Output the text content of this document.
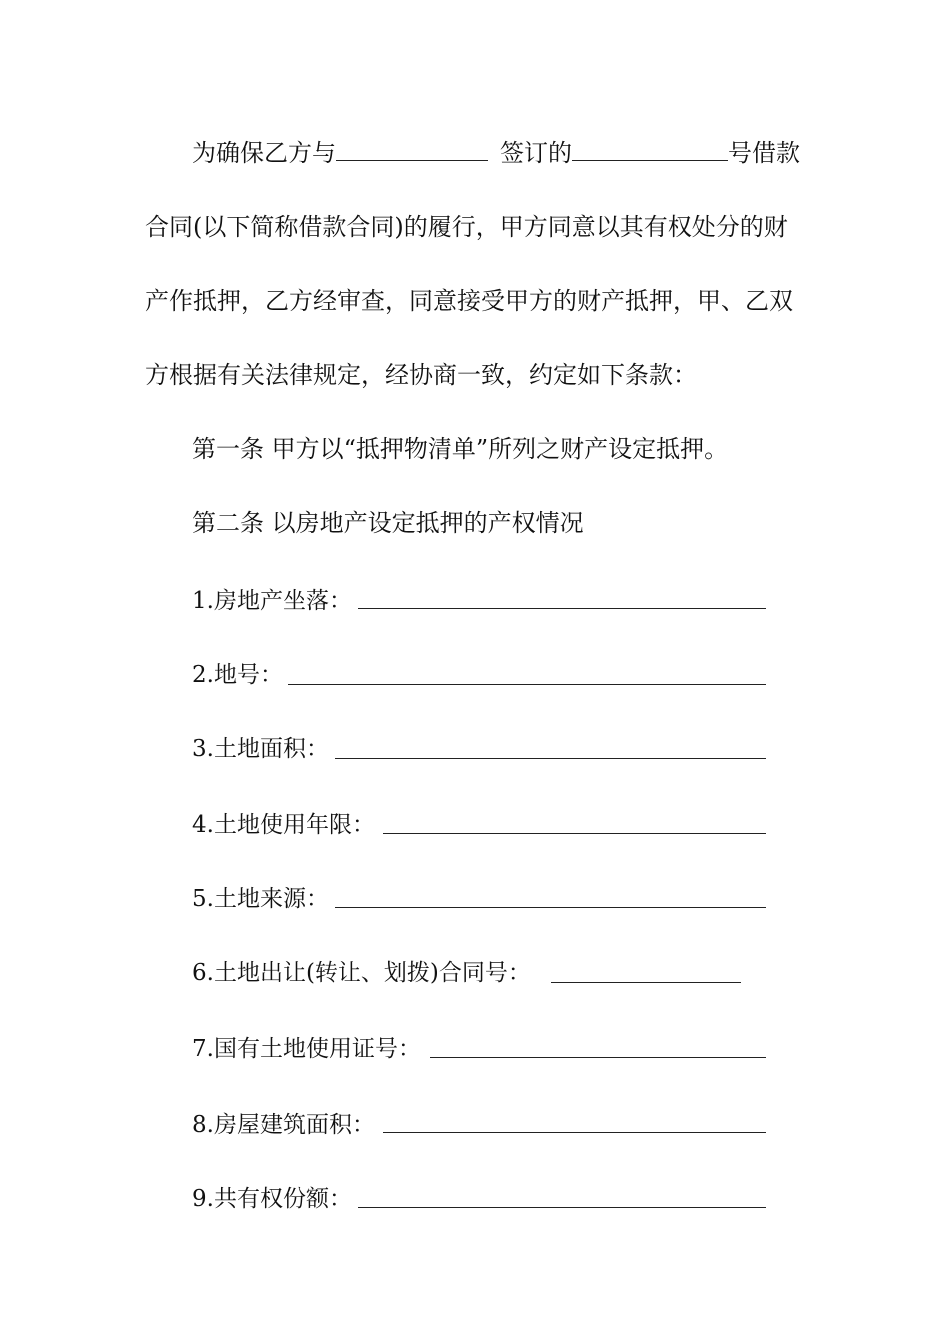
为确保乙方与	签订的	号借款
合同(以下简称借款合同)的履行，甲方同意以其有权处分的财
产作抵押，乙方经审查，同意接受甲方的财产抵押，甲、乙双
方根据有关法律规定，经协商一致，约定如下条款：
第一条 甲方以“抵押物清单”所列之财产设定抵押。
第二条 以房地产设定抵押的产权情况
1.房地产坐落：
2.地号：
3.土地面积：
4.土地使用年限：
5.土地来源：
6.土地出让(转让、划拨)合同号：
7.国有土地使用证号：
8.房屋建筑面积：
9.共有权份额：
